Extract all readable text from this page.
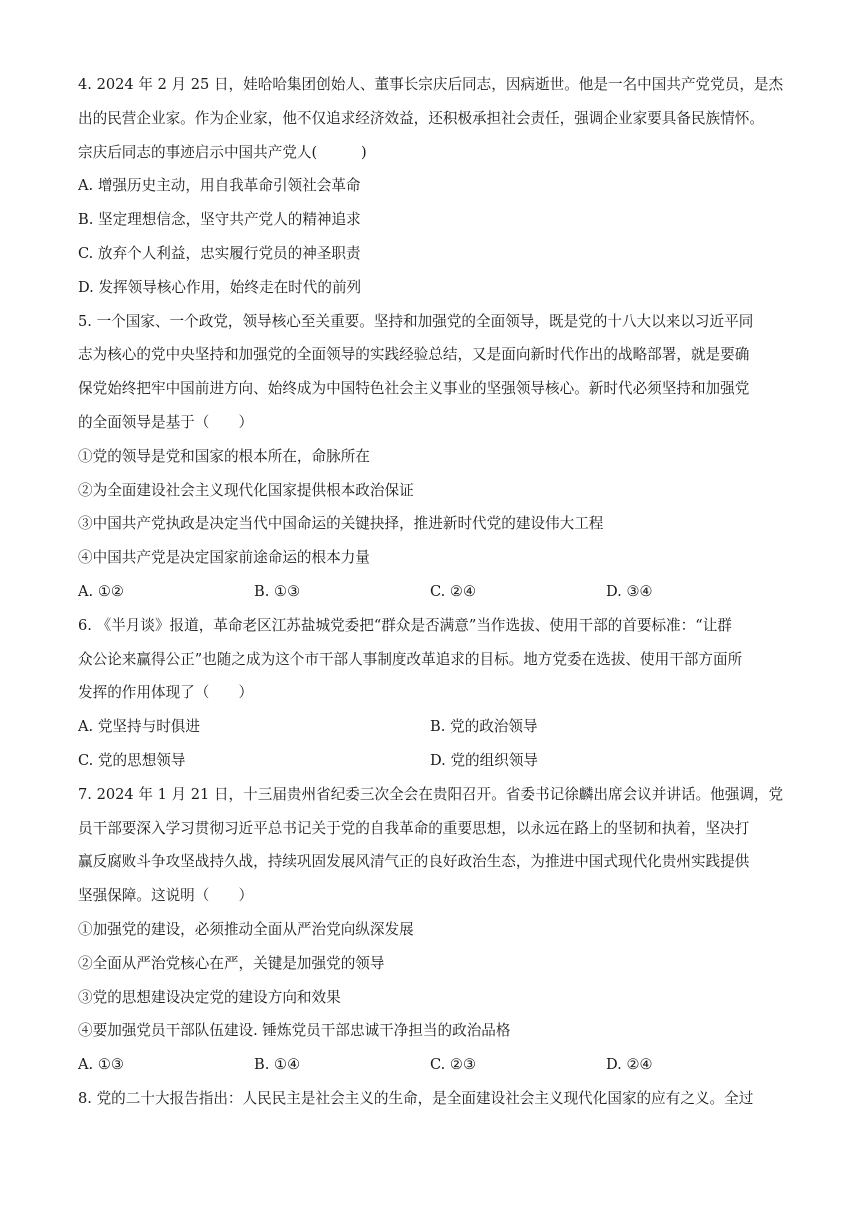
4. 2024 年 2 月 25 日，娃哈哈集团创始人、董事长宗庆后同志，因病逝世。他是一名中国共产党党员，是杰
出的民营企业家。作为企业家，他不仅追求经济效益，还积极承担社会责任，强调企业家要具备民族情怀。
宗庆后同志的事迹启示中国共产党人(　　　)
A. 增强历史主动，用自我革命引领社会革命
B. 坚定理想信念，坚守共产党人的精神追求
C. 放弃个人利益，忠实履行党员的神圣职责
D. 发挥领导核心作用，始终走在时代的前列
5. 一个国家、一个政党，领导核心至关重要。坚持和加强党的全面领导，既是党的十八大以来以习近平同
志为核心的党中央坚持和加强党的全面领导的实践经验总结，又是面向新时代作出的战略部署，就是要确
保党始终把牢中国前进方向、始终成为中国特色社会主义事业的坚强领导核心。新时代必须坚持和加强党
的全面领导是基于（　　）
①党的领导是党和国家的根本所在，命脉所在
②为全面建设社会主义现代化国家提供根本政治保证
③中国共产党执政是决定当代中国命运的关键抉择，推进新时代党的建设伟大工程
④中国共产党是决定国家前途命运的根本力量
A. ①②	B. ①③	C. ②④	D. ③④
6. 《半月谈》报道，革命老区江苏盐城党委把“群众是否满意”当作选拔、使用干部的首要标准：“让群
众公论来赢得公正”也随之成为这个市干部人事制度改革追求的目标。地方党委在选拔、使用干部方面所
发挥的作用体现了（　　）
A. 党坚持与时俱进	B. 党的政治领导
C. 党的思想领导	D. 党的组织领导
7. 2024 年 1 月 21 日，十三届贵州省纪委三次全会在贵阳召开。省委书记徐麟出席会议并讲话。他强调，党
员干部要深入学习贯彻习近平总书记关于党的自我革命的重要思想，以永远在路上的坚韧和执着，坚决打
赢反腐败斗争攻坚战持久战，持续巩固发展风清气正的良好政治生态，为推进中国式现代化贵州实践提供
坚强保障。这说明（　　）
①加强党的建设，必须推动全面从严治党向纵深发展
②全面从严治党核心在严，关键是加强党的领导
③党的思想建设决定党的建设方向和效果
④要加强党员干部队伍建设. 锤炼党员干部忠诚干净担当的政治品格
A. ①③	B. ①④	C. ②③	D. ②④
8. 党的二十大报告指出：人民民主是社会主义的生命，是全面建设社会主义现代化国家的应有之义。全过
